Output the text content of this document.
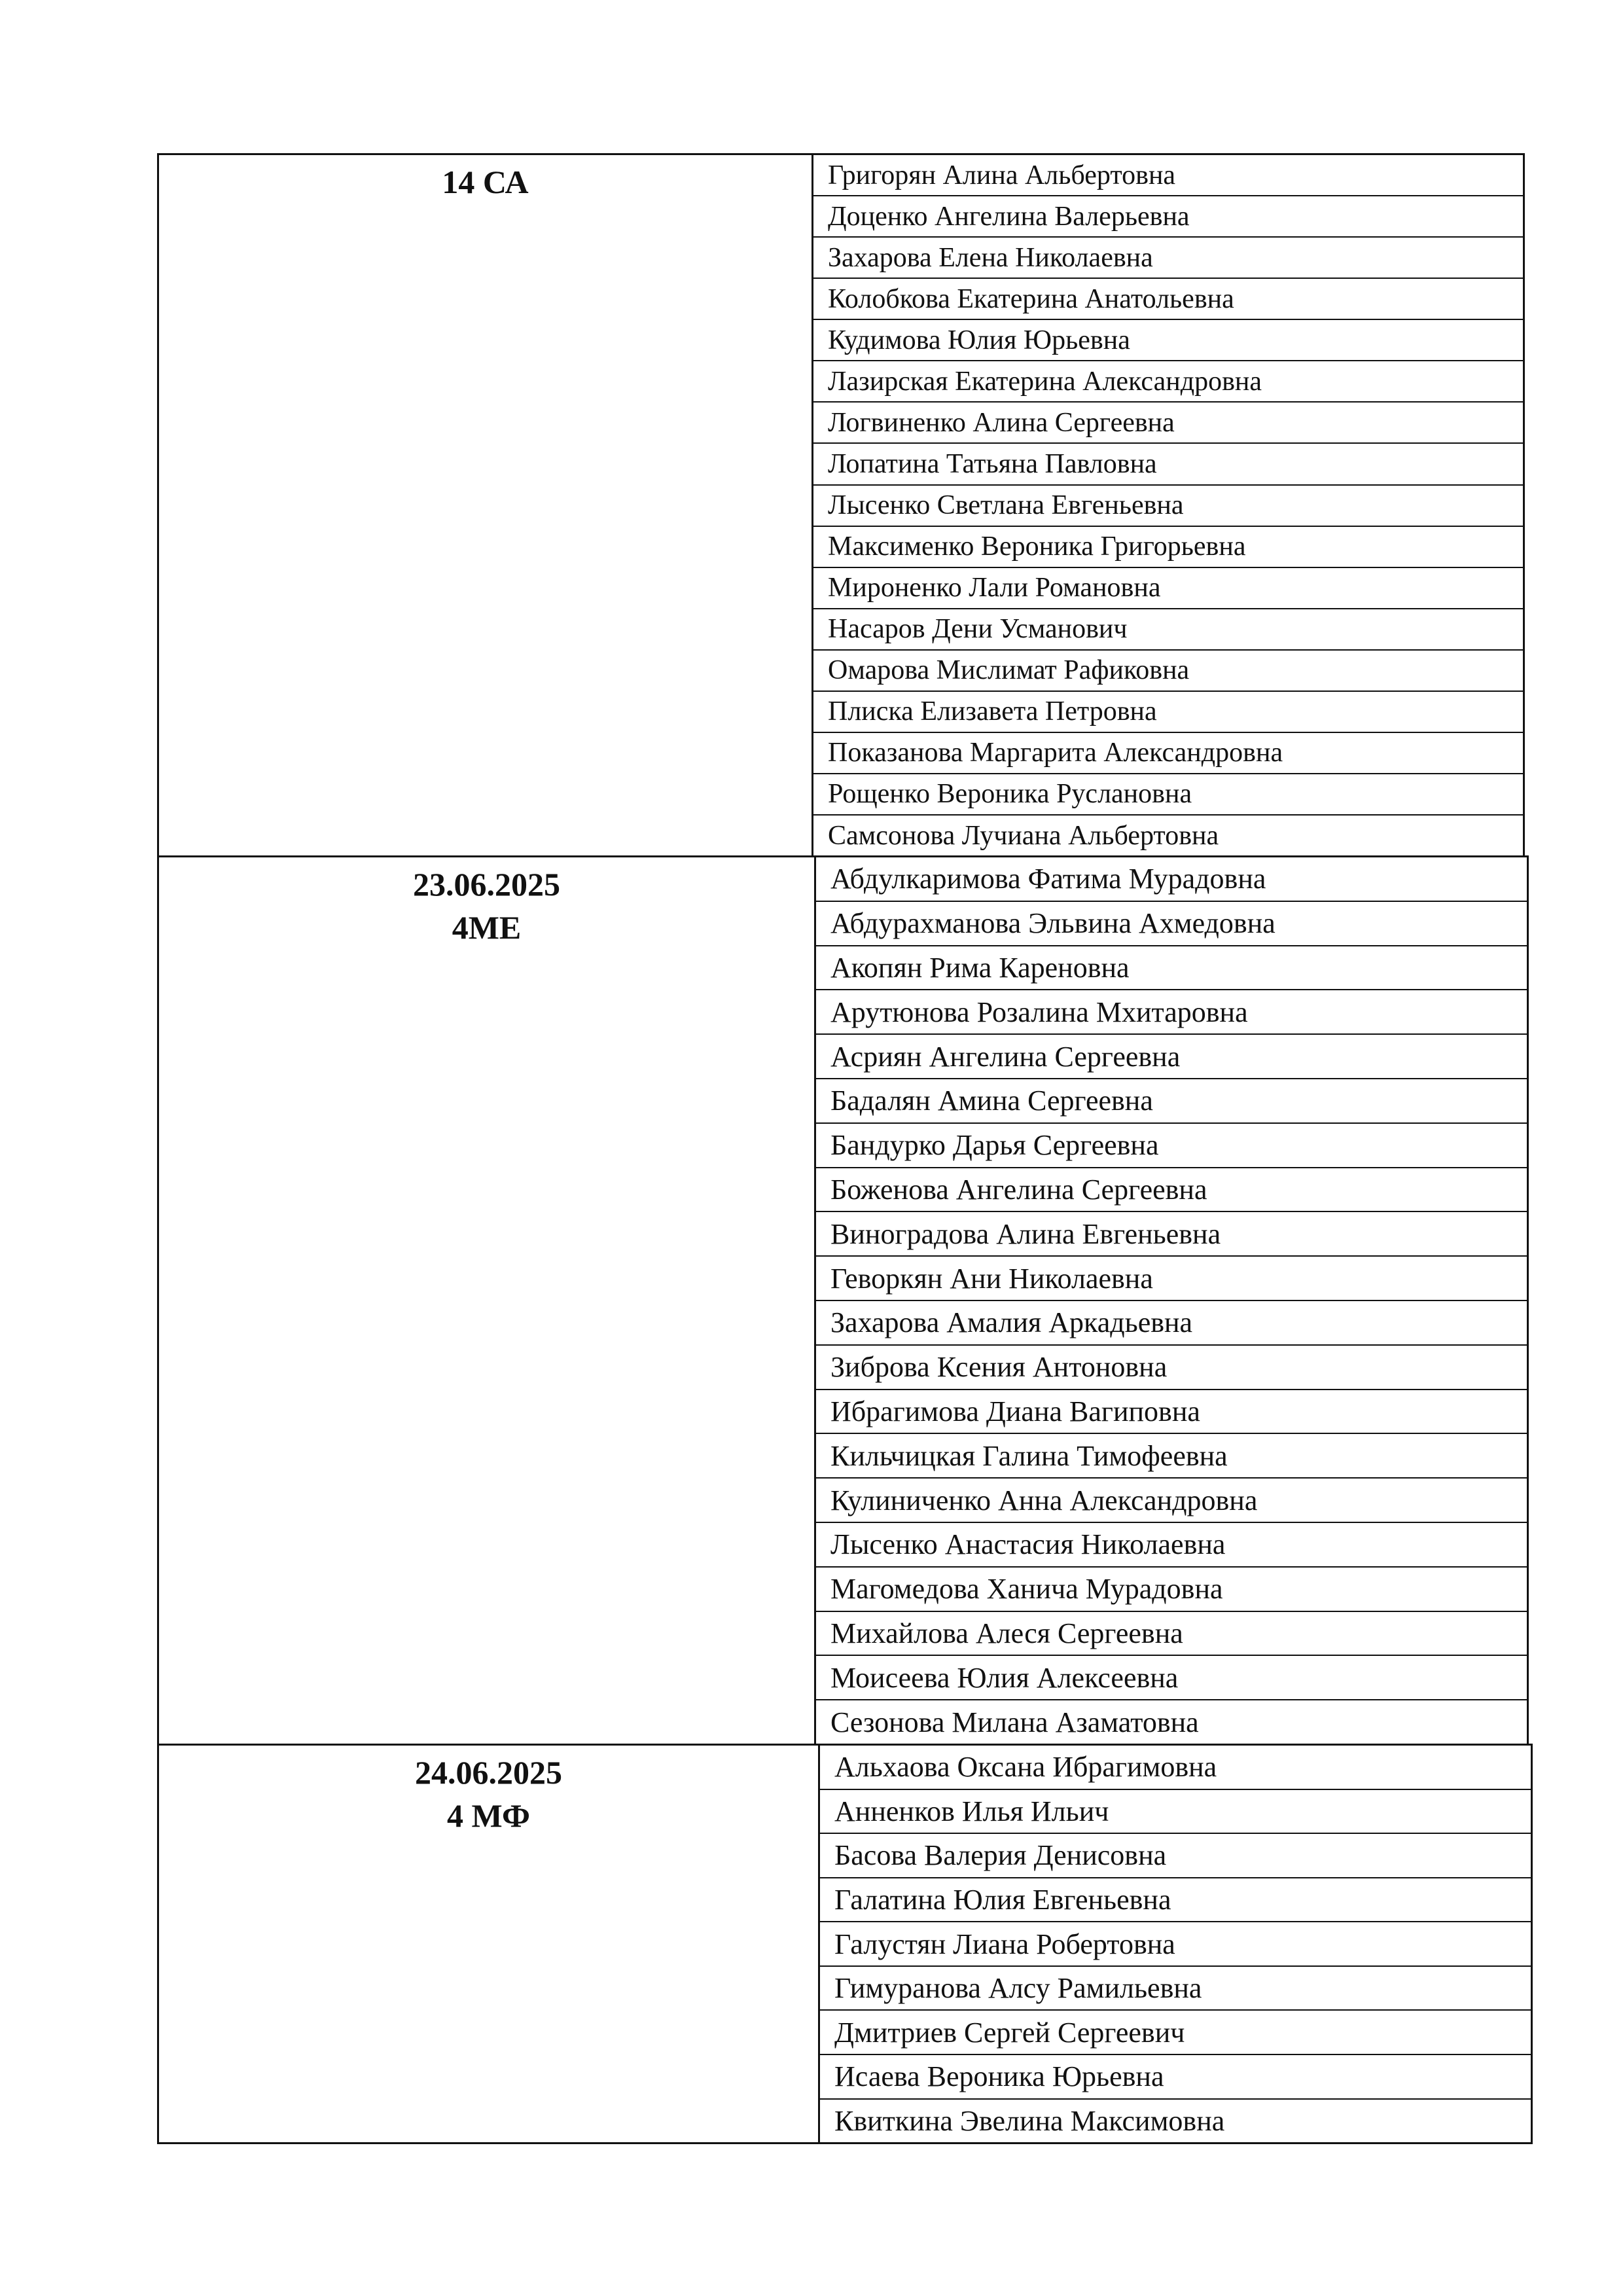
14 СА	Григорян Алина Альбертовна
Доценко Ангелина Валерьевна
Захарова Елена Николаевна
Колобкова Екатерина Анатольевна
Кудимова Юлия Юрьевна
Лазирская Екатерина Александровна
Логвиненко Алина Сергеевна
Лопатина Татьяна Павловна
Лысенко Светлана Евгеньевна
Максименко Вероника Григорьевна
Мироненко Лали Романовна
Насаров Дени Усманович
Омарова Мислимат Рафиковна
Плиска Елизавета Петровна
Показанова Маргарита Александровна
Рощенко Вероника Руслановна
Самсонова Лучиана Альбертовна
23.06.2025
4МЕ
Абдулкаримова Фатима Мурадовна
Абдурахманова Эльвина Ахмедовна
Акопян Рима Кареновна
Арутюнова Розалина Мхитаровна
Асриян Ангелина Сергеевна
Бадалян Амина Сергеевна
Бандурко Дарья Сергеевна
Боженова Ангелина Сергеевна
Виноградова Алина Евгеньевна
Геворкян Ани Николаевна
Захарова Амалия Аркадьевна
Зиброва Ксения Антоновна
Ибрагимова Диана Вагиповна
Кильчицкая Галина Тимофеевна
Кулиниченко Анна Александровна
Лысенко Анастасия Николаевна
Магомедова Ханича Мурадовна
Михайлова Алеся Сергеевна
Моисеева Юлия Алексеевна
Сезонова Милана Азаматовна
24.06.2025
4 МФ
Альхаова Оксана Ибрагимовна
Анненков Илья Ильич
Басова Валерия Денисовна
Галатина Юлия Евгеньевна
Галустян Лиана Робертовна
Гимуранова Алсу Рамильевна
Дмитриев Сергей Сергеевич
Исаева Вероника Юрьевна
Квиткина Эвелина Максимовна
